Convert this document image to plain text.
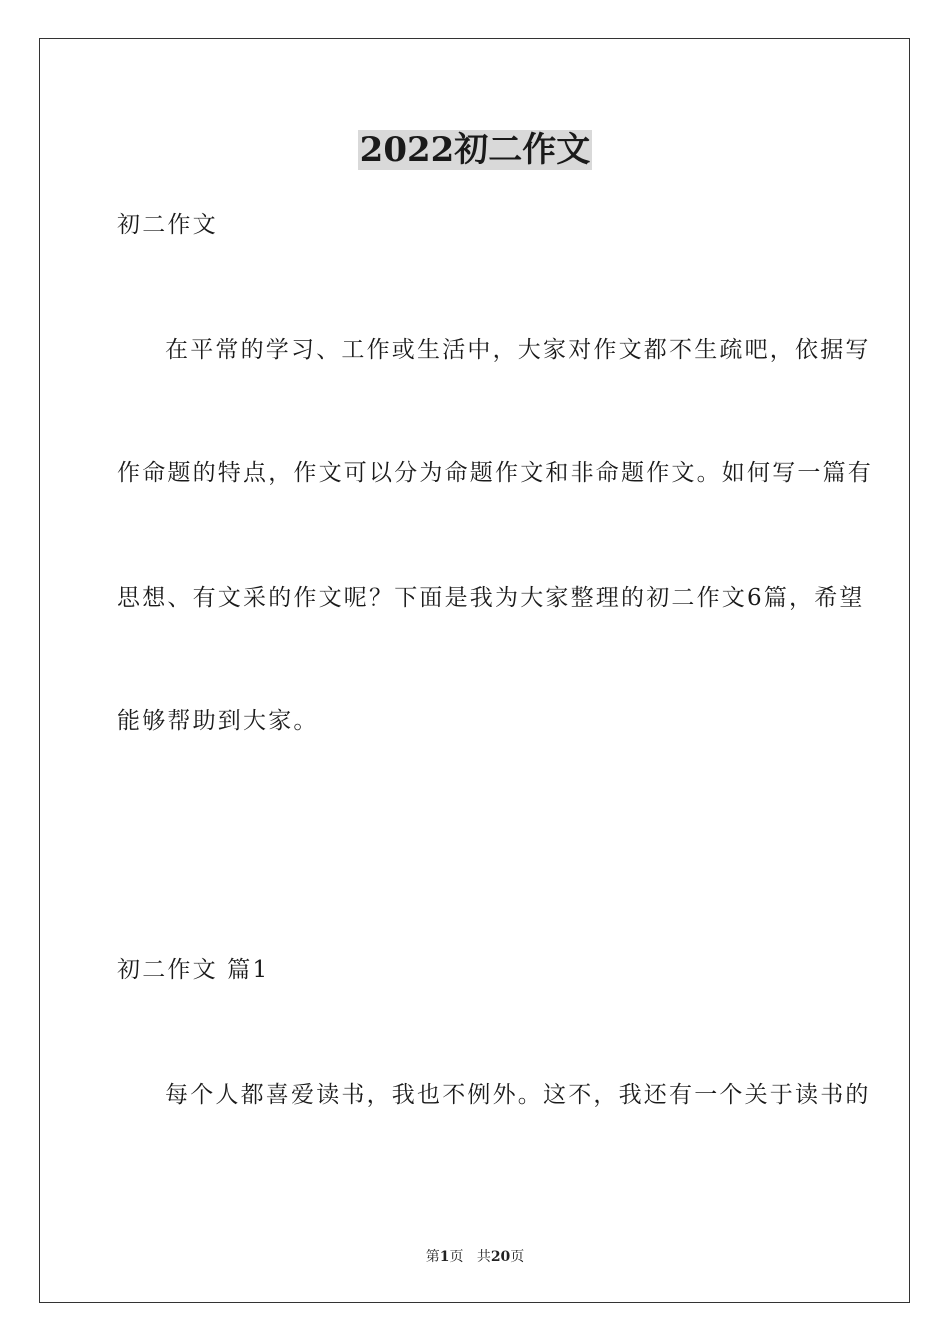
2022初二作文
初二作文
在平常的学习、工作或生活中，大家对作文都不生疏吧，依据写
作命题的特点，作文可以分为命题作文和非命题作文。如何写一篇有
思想、有文采的作文呢？下面是我为大家整理的初二作文6篇，希望
能够帮助到大家。
初二作文 篇1
每个人都喜爱读书，我也不例外。这不，我还有一个关于读书的
第1页 共20页
